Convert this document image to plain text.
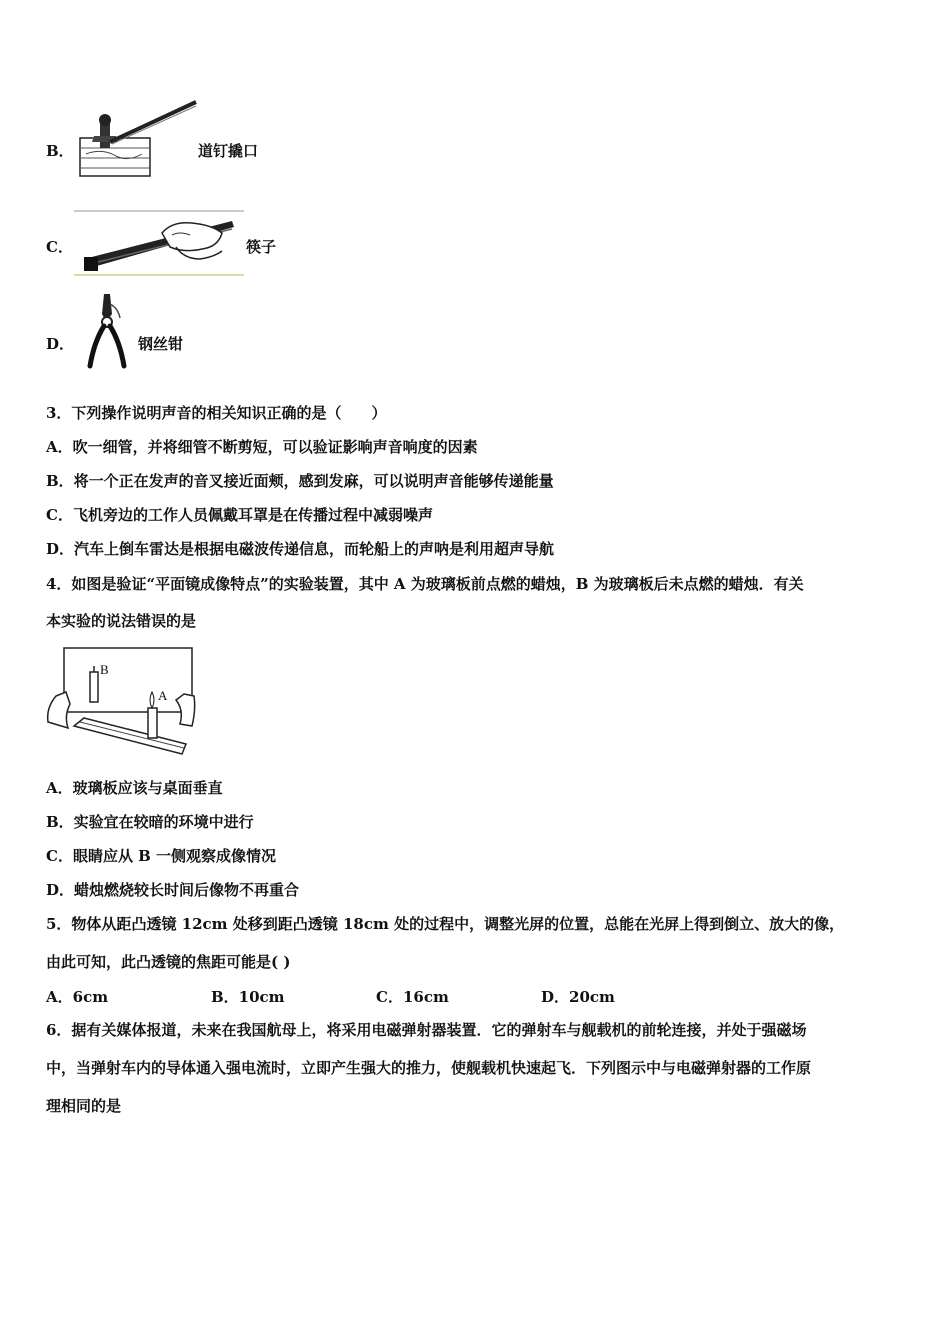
B．	道钉撬口
C．	筷子
D．	钢丝钳
3．下列操作说明声音的相关知识正确的是（　　）
A．吹一细管，并将细管不断剪短，可以验证影响声音响度的因素
B．将一个正在发声的音叉接近面颊，感到发麻，可以说明声音能够传递能量
C．飞机旁边的工作人员佩戴耳罩是在传播过程中减弱噪声
D．汽车上倒车雷达是根据电磁波传递信息，而轮船上的声呐是利用超声导航
4．如图是验证“平面镜成像特点”的实验装置，其中 A 为玻璃板前点燃的蜡烛，B 为玻璃板后未点燃的蜡烛．有关
本实验的说法错误的是
B
A
A．玻璃板应该与桌面垂直
B．实验宜在较暗的环境中进行
C．眼睛应从 B 一侧观察成像情况
D．蜡烛燃烧较长时间后像物不再重合
5．物体从距凸透镜 12cm 处移到距凸透镜 18cm 处的过程中，调整光屏的位置，总能在光屏上得到倒立、放大的像，
由此可知，此凸透镜的焦距可能是( )
A．6cm	B．10cm	C．16cm	D．20cm
6．据有关媒体报道，未来在我国航母上，将采用电磁弹射器装置．它的弹射车与舰载机的前轮连接，并处于强磁场
中，当弹射车内的导体通入强电流时，立即产生强大的推力，使舰载机快速起飞．下列图示中与电磁弹射器的工作原
理相同的是
